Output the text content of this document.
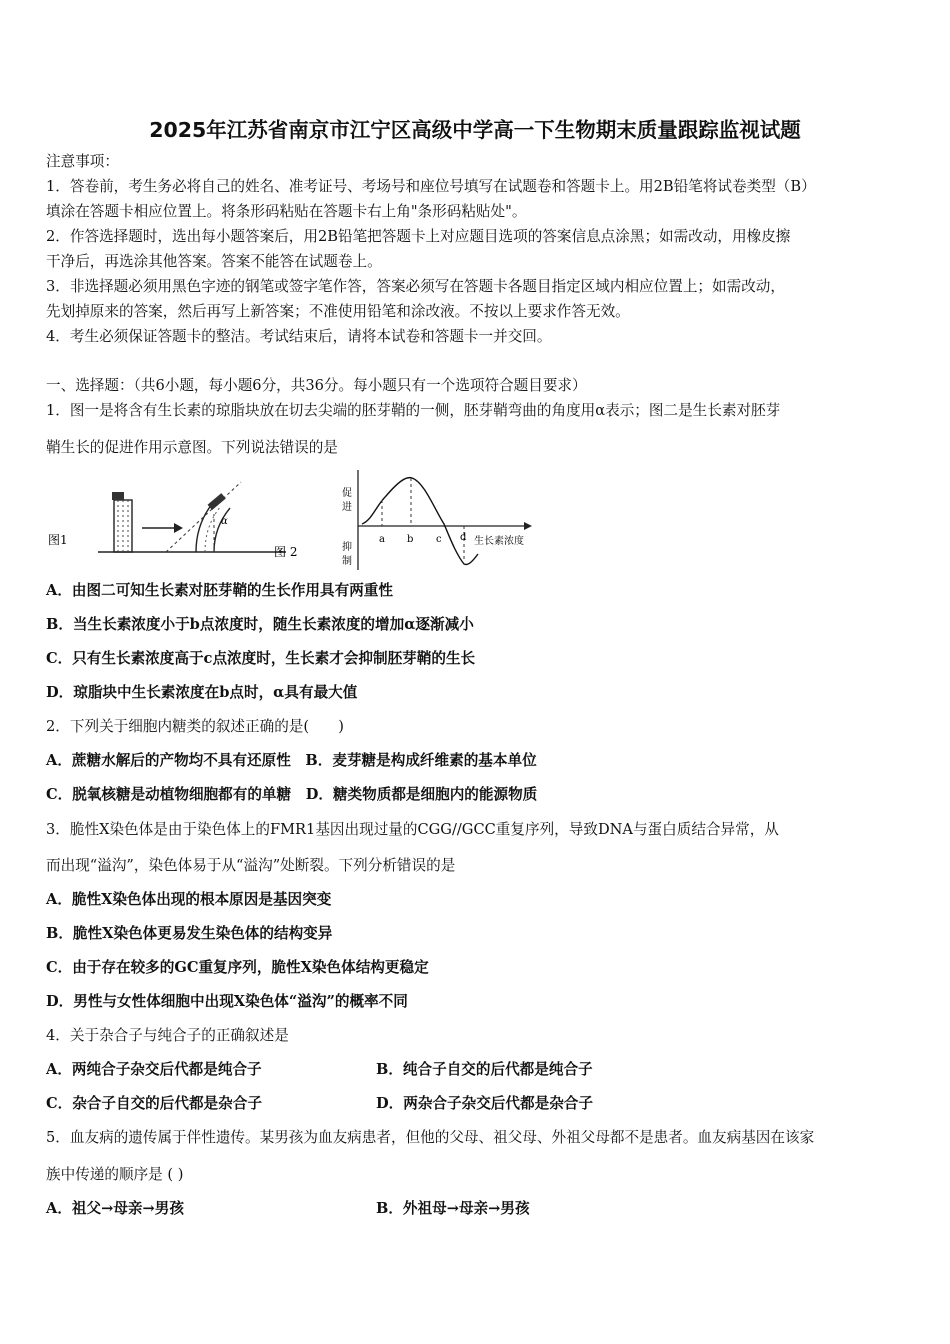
2025年江苏省南京市江宁区高级中学高一下生物期末质量跟踪监视试题
注意事项：
1．答卷前，考生务必将自己的姓名、准考证号、考场号和座位号填写在试题卷和答题卡上。用2B铅笔将试卷类型（B）
填涂在答题卡相应位置上。将条形码粘贴在答题卡右上角"条形码粘贴处"。
2．作答选择题时，选出每小题答案后，用2B铅笔把答题卡上对应题目选项的答案信息点涂黑；如需改动，用橡皮擦
干净后，再选涂其他答案。答案不能答在试题卷上。
3．非选择题必须用黑色字迹的钢笔或签字笔作答，答案必须写在答题卡各题目指定区域内相应位置上；如需改动，
先划掉原来的答案，然后再写上新答案；不准使用铅笔和涂改液。不按以上要求作答无效。
4．考生必须保证答题卡的整洁。考试结束后，请将本试卷和答题卡一并交回。
一、选择题：（共6小题，每小题6分，共36分。每小题只有一个选项符合题目要求）
1．图一是将含有生长素的琼脂块放在切去尖端的胚芽鞘的一侧，胚芽鞘弯曲的角度用α表示；图二是生长素对胚芽
鞘生长的促进作用示意图。下列说法错误的是
图1
α
图 2
促
进
抑
制
a b c d 生长素浓度
A．由图二可知生长素对胚芽鞘的生长作用具有两重性
B．当生长素浓度小于b点浓度时，随生长素浓度的增加α逐渐减小
C．只有生长素浓度高于c点浓度时，生长素才会抑制胚芽鞘的生长
D．琼脂块中生长素浓度在b点时，α具有最大值
2．下列关于细胞内糖类的叙述正确的是(　　)
A．蔗糖水解后的产物均不具有还原性　B．麦芽糖是构成纤维素的基本单位
C．脱氧核糖是动植物细胞都有的单糖　D．糖类物质都是细胞内的能源物质
3．脆性X染色体是由于染色体上的FMR1基因出现过量的CGG//GCC重复序列，导致DNA与蛋白质结合异常，从
而出现“溢沟”，染色体易于从“溢沟”处断裂。下列分析错误的是
A．脆性X染色体出现的根本原因是基因突变
B．脆性X染色体更易发生染色体的结构变异
C．由于存在较多的GC重复序列，脆性X染色体结构更稳定
D．男性与女性体细胞中出现X染色体“溢沟”的概率不同
4．关于杂合子与纯合子的正确叙述是
A．两纯合子杂交后代都是纯合子	B．纯合子自交的后代都是纯合子
C．杂合子自交的后代都是杂合子	D．两杂合子杂交后代都是杂合子
5．血友病的遗传属于伴性遗传。某男孩为血友病患者，但他的父母、祖父母、外祖父母都不是患者。血友病基因在该家
族中传递的顺序是 ( )
A．祖父→母亲→男孩	B．外祖母→母亲→男孩
